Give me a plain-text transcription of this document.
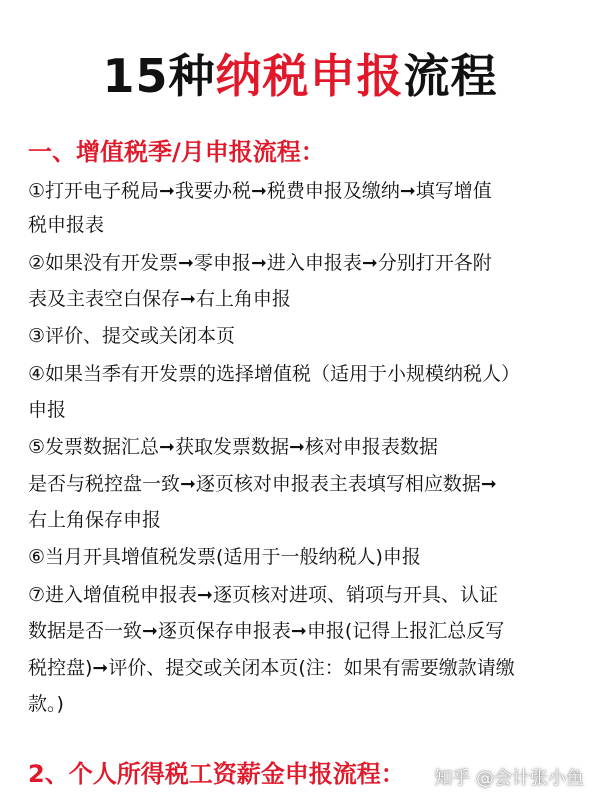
15种纳税申报流程
一、增值税季/月申报流程：
①打开电子税局➞我要办税➞税费申报及缴纳➞填写增值
税申报表
②如果没有开发票➞零申报➞进入申报表➞分别打开各附
表及主表空白保存➞右上角申报
③评价、提交或关闭本页
④如果当季有开发票的选择增值税（适用于小规模纳税人）
申报
⑤发票数据汇总➞获取发票数据➞核对申报表数据
是否与税控盘一致➞逐页核对申报表主表填写相应数据➞
右上角保存申报
⑥当月开具增值税发票(适用于一般纳税人)申报
⑦进入增值税申报表➞逐页核对进项、销项与开具、认证
数据是否一致➞逐页保存申报表➞申报(记得上报汇总反写
税控盘)➞评价、提交或关闭本页(注：如果有需要缴款请缴
款。)
2、个人所得税工资薪金申报流程： 知乎 @会计张小鱼
